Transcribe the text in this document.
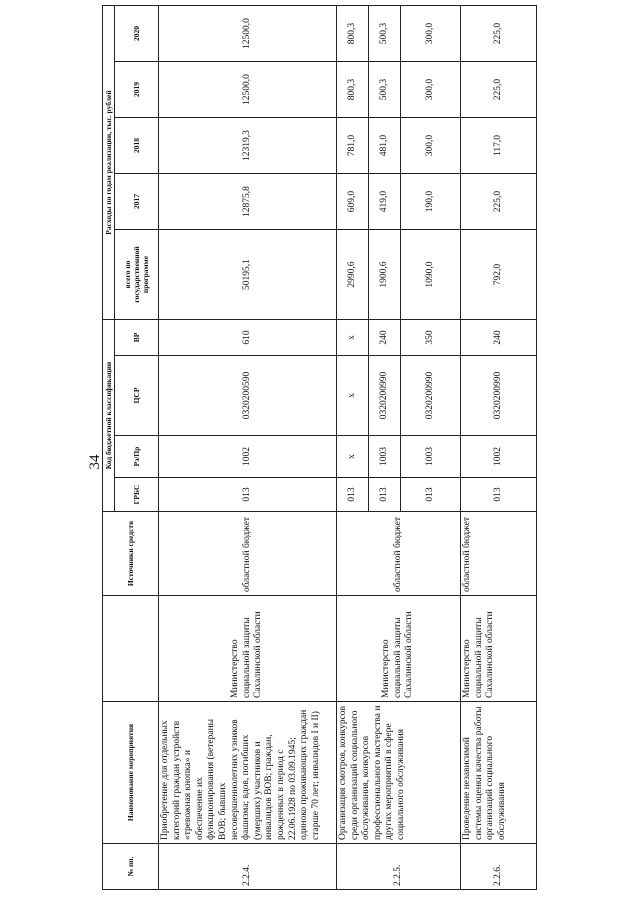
34
№ пп.	Наименование мероприятия		Источники средств	Код бюджетной классификации				Расходы по годам реализации, тыс. рублей				
				ГРБС	Рз/Пр	ЦСР	ВР	всего по государственной программе	2017	2018	2019	2020
2.2.4.	Приобретение для отдельных категорий граждан устройств «тревожная кнопка» и обеспечение их функционирования (ветераны ВОВ; бывших несовершеннолетних узников фашизма; вдов, погибших (умерших) участников и инвалидов ВОВ; граждан, рожденных в период с 22.06.1928 по 03.09.1945; одиноко проживающих граждан старше 70 лет; инвалидов I и II)	Министерство социальной защиты Сахалинской области	областной бюджет	013	1002	0320200590	610	50195,1	12875,8	12319,3	12500,0	12500,0
2.2.5.	Организация смотров, конкурсов среди организаций социального обслуживания, конкурсов профессионального мастерства и других мероприятий в сфере социального обслуживания	Министерство социальной защиты Сахалинской области	областной бюджет	013	x	x	x	2990,6	609,0	781,0	800,3	800,3
				013	1003	0320200990	240	1900,6	419,0	481,0	500,3	500,3
				013	1003	0320200990	350	1090,0	190,0	300,0	300,0	300,0
2.2.6.	Проведение независимой системы оценки качества работы организаций социального обслуживания	Министерство социальной защиты Сахалинской области	областной бюджет	013	1002	0320200990	240	792,0	225,0	117,0	225,0	225,0
